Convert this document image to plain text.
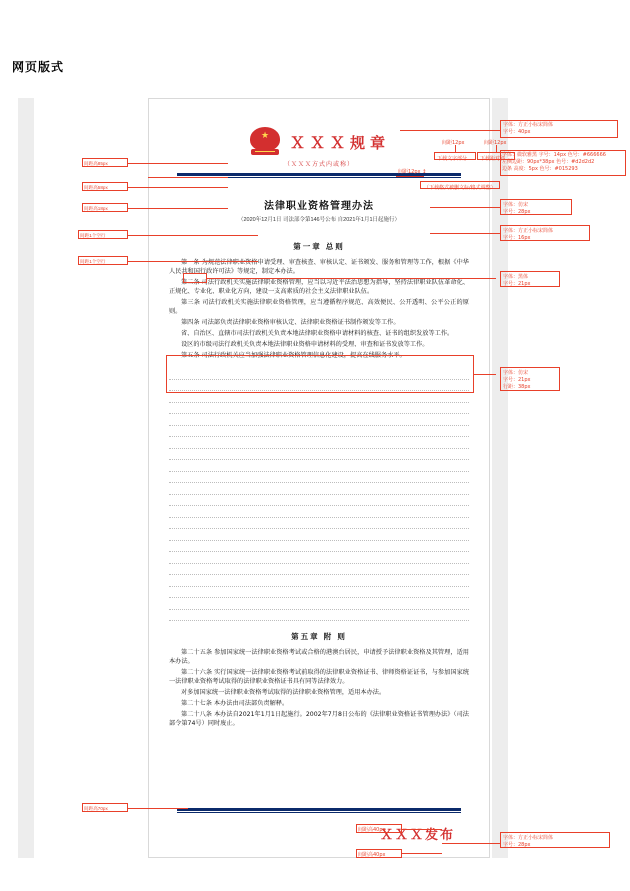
网页版式
★ ＸＸＸ规章
（ＸＸＸ方式内或称）
法律职业资格管理办法
（2020年12月1日 司法部令第146号公布 自2021年1月1日起施行）
第一章 总则

第一条 为规范法律职业资格申请受理、审查核查、审核认定、证书颁发、服务和管理等工作，根据《中华人民共和国行政许可法》等规定，制定本办法。

第二条 司法行政机关实施法律职业资格管理，应当以习近平法治思想为指导，坚持法律职业队伍革命化、正规化、专业化、职业化方向，建设一支高素质的社会主义法律职业队伍。

第三条 司法行政机关实施法律职业资格管理，应当遵循程序规范、高效便民、公开透明、公平公正的原则。

第四条 司法部负责法律职业资格审核认定、法律职业资格证书制作颁发等工作。

省、自治区、直辖市司法行政机关负责本地法律职业资格申请材料的核查、证书的组织发放等工作。

设区的市级司法行政机关负责本地法律职业资格申请材料的受理、审查和证书发放等工作。

第五条 司法行政机关应当加强法律职业资格管理信息化建设，提高在线服务水平。

第五章 附 则

第二十五条 参加国家统一法律职业资格考试或合格的港澳台居民，申请授予法律职业资格及其管理，适用本办法。

第二十六条 实行国家统一法律职业资格考试前取得的法律职业资格证书、律师资格证证书，与参加国家统一法律职业资格考试取得的法律职业资格证书具有同等法律效力。

对多加国家统一法律职业资格考试取得的法律职业资格管理，适用本办法。

第二十七条 本办法由司法部负责解释。

第二十八条 本办法自2021年1月1日起施行。2002年7月8日公布的《法律职业资格证书管理办法》（司法部令第74号）同时废止。

ＸＸＸ发布
间距高85px
间距高58px
间距高18px
间距1个空行
间距1个空行
间距高70px
字体：方正小标宋简体
字号：40px
字体：微软雅黑 字号：14px 色号：#666666
左侧边距：90px*38px 色号：#d2d2d2
边条 高度：5px 色号：#015293
字体：仿宋
字号：28px
字体：方正小标宋简体
字号：16px
字体：黑体
字号：21px
字体：仿宋
字号：21px
行距：38px
字体：方正小标宋简体
字号：28px
间距12px	间距12px
下载文字部分	下载距对斜
间距12px ↕
（下载格式被删文标/格式调整）
间距高40px
间距高40px
